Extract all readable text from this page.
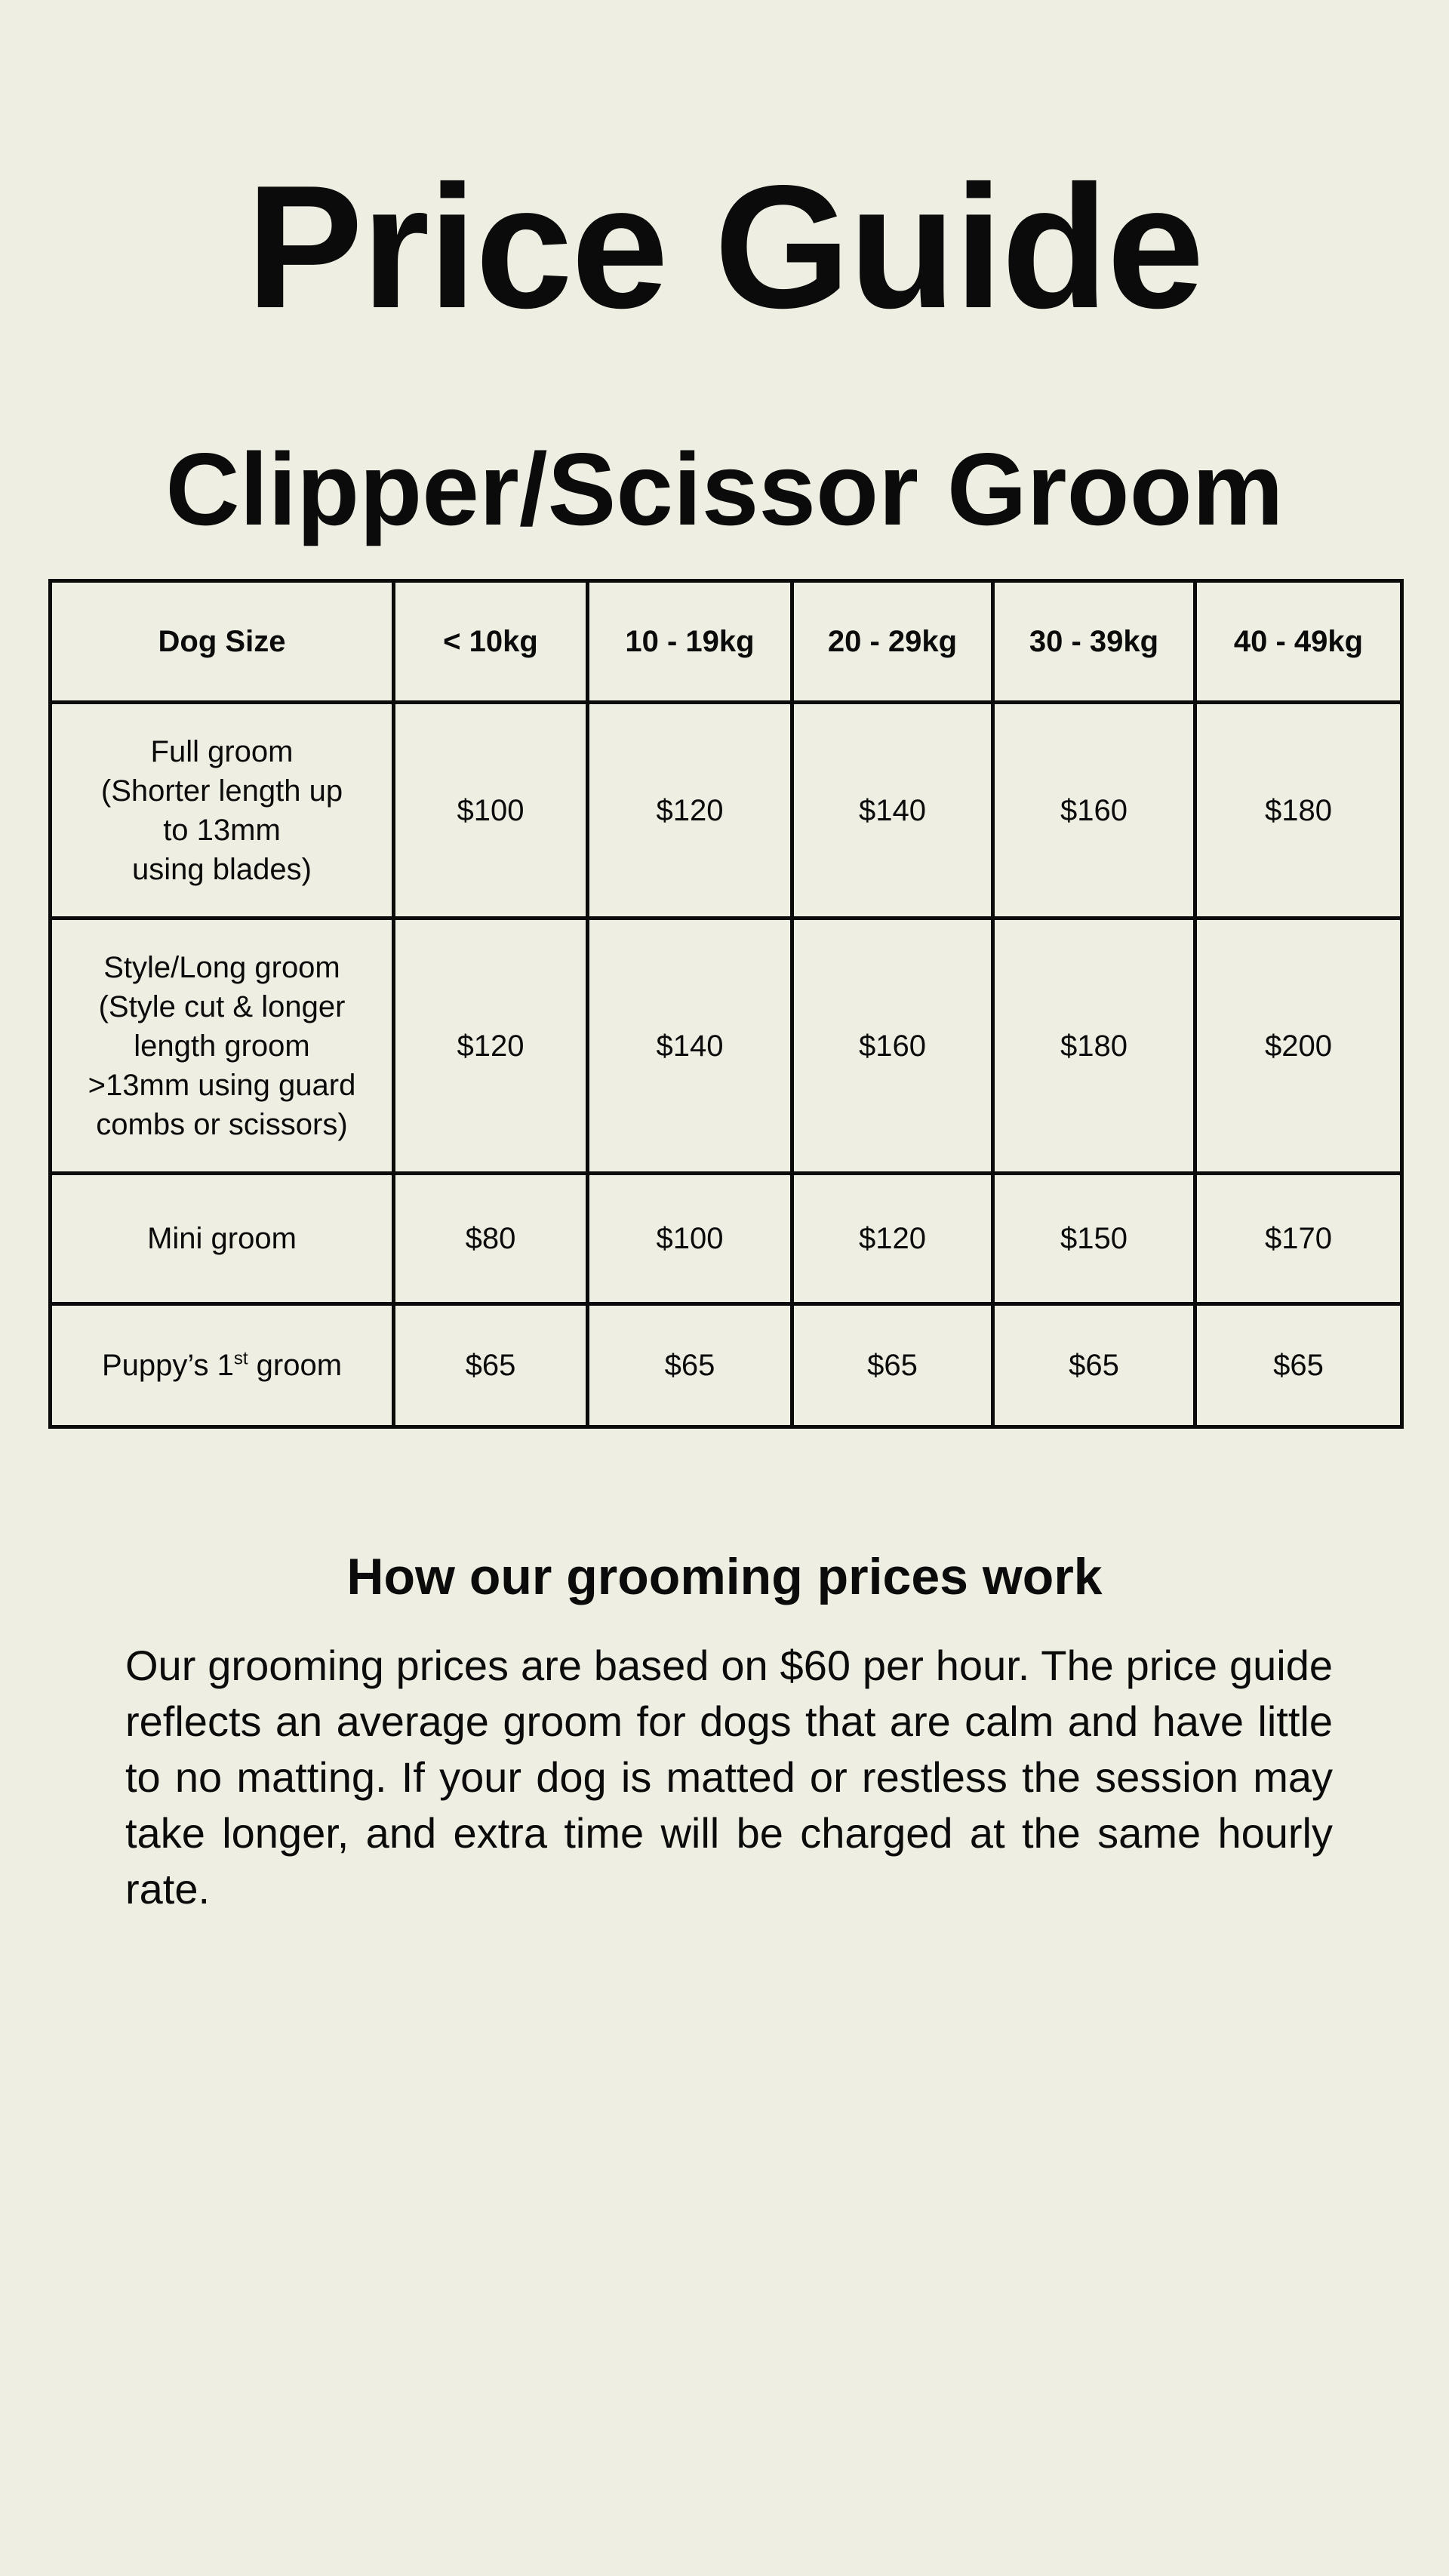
Price Guide
Clipper/Scissor Groom
Dog Size	< 10kg	10 - 19kg	20 - 29kg	30 - 39kg	40 - 49kg

Full groom
(Shorter length up
to 13mm
using blades)	$100	$120	$140	$160	$180

Style/Long groom
(Style cut & longer
length groom
>13mm using guard
combs or scissors)	$120	$140	$160	$180	$200

Mini groom	$80	$100	$120	$150	$170
Puppy’s 1st groom	$65	$65	$65	$65	$65
How our grooming prices work

Our grooming prices are based on $60 per hour. The price guide reflects an average groom for dogs that are calm and have little to no matting. If your dog is matted or restless the session may take longer, and extra time will be charged at the same hourly rate.
